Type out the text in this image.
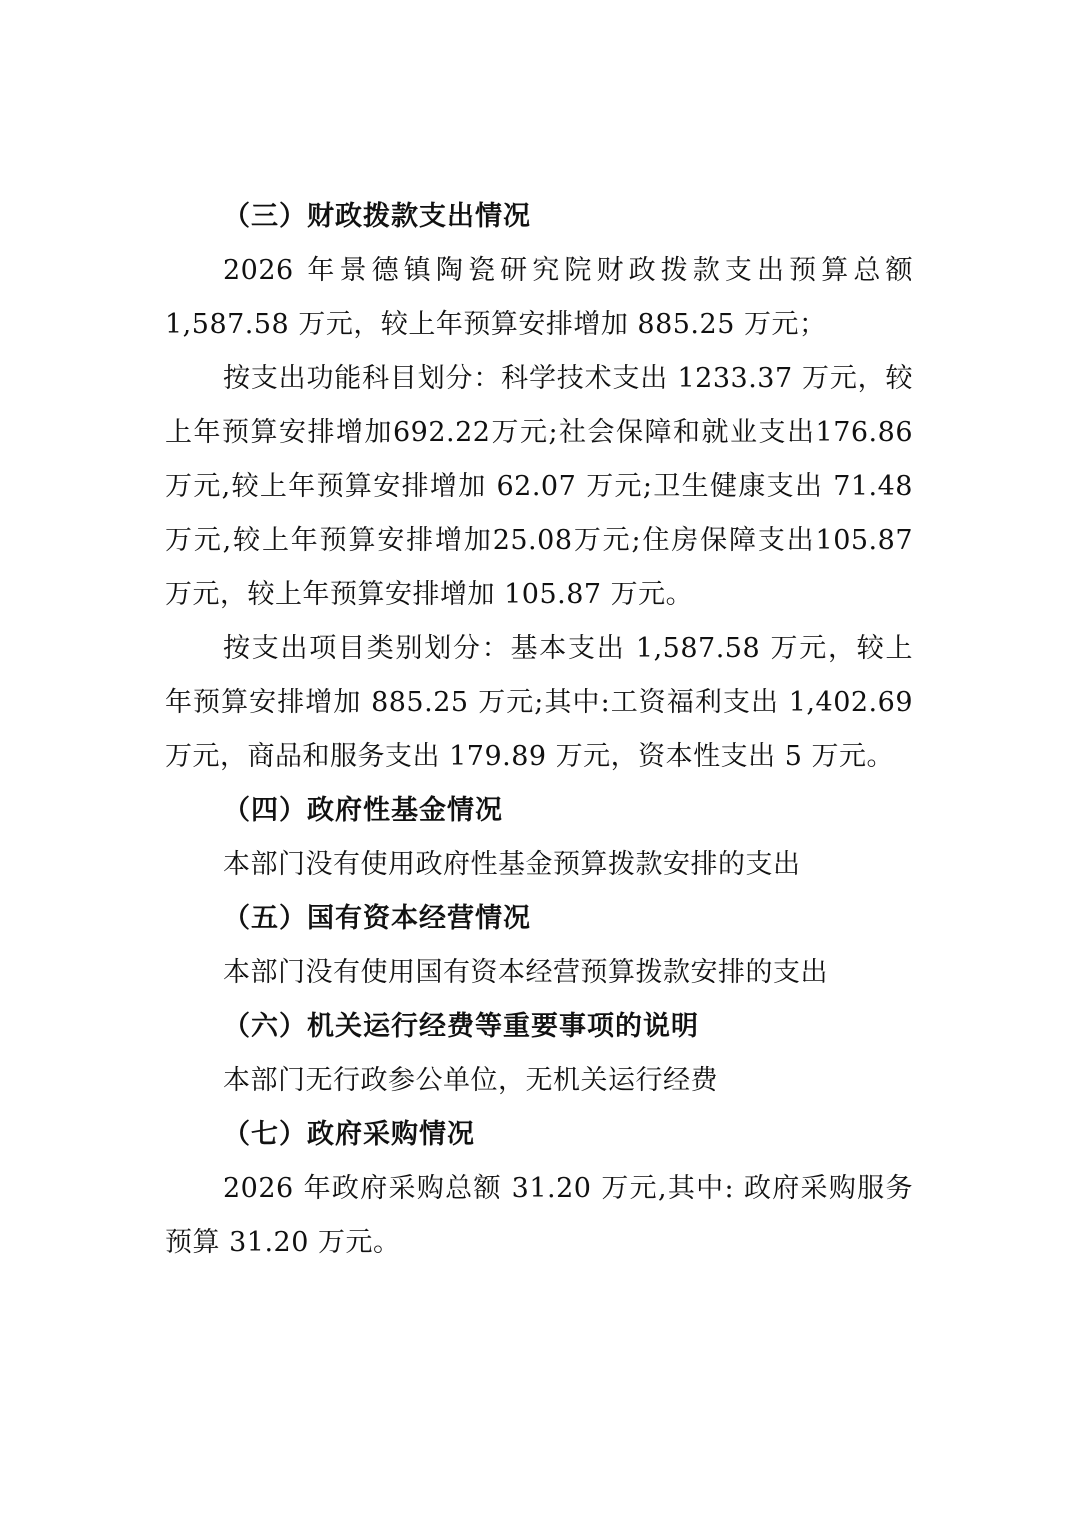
（三）财政拨款支出情况

2026 年景德镇陶瓷研究院财政拨款支出预算总额 1,587.58 万元，较上年预算安排增加 885.25 万元；

按支出功能科目划分：科学技术支出 1233.37 万元，较上年预算安排增加692.22万元;社会保障和就业支出176.86 万元,较上年预算安排增加 62.07 万元;卫生健康支出 71.48 万元,较上年预算安排增加25.08万元;住房保障支出105.87 万元，较上年预算安排增加 105.87 万元。

按支出项目类别划分：基本支出 1,587.58 万元，较上年预算安排增加 885.25 万元;其中:工资福利支出 1,402.69 万元，商品和服务支出 179.89 万元，资本性支出 5 万元。

（四）政府性基金情况

本部门没有使用政府性基金预算拨款安排的支出

（五）国有资本经营情况

本部门没有使用国有资本经营预算拨款安排的支出

（六）机关运行经费等重要事项的说明

本部门无行政参公单位，无机关运行经费

（七）政府采购情况

2026 年政府采购总额 31.20 万元,其中: 政府采购服务预算 31.20 万元。
